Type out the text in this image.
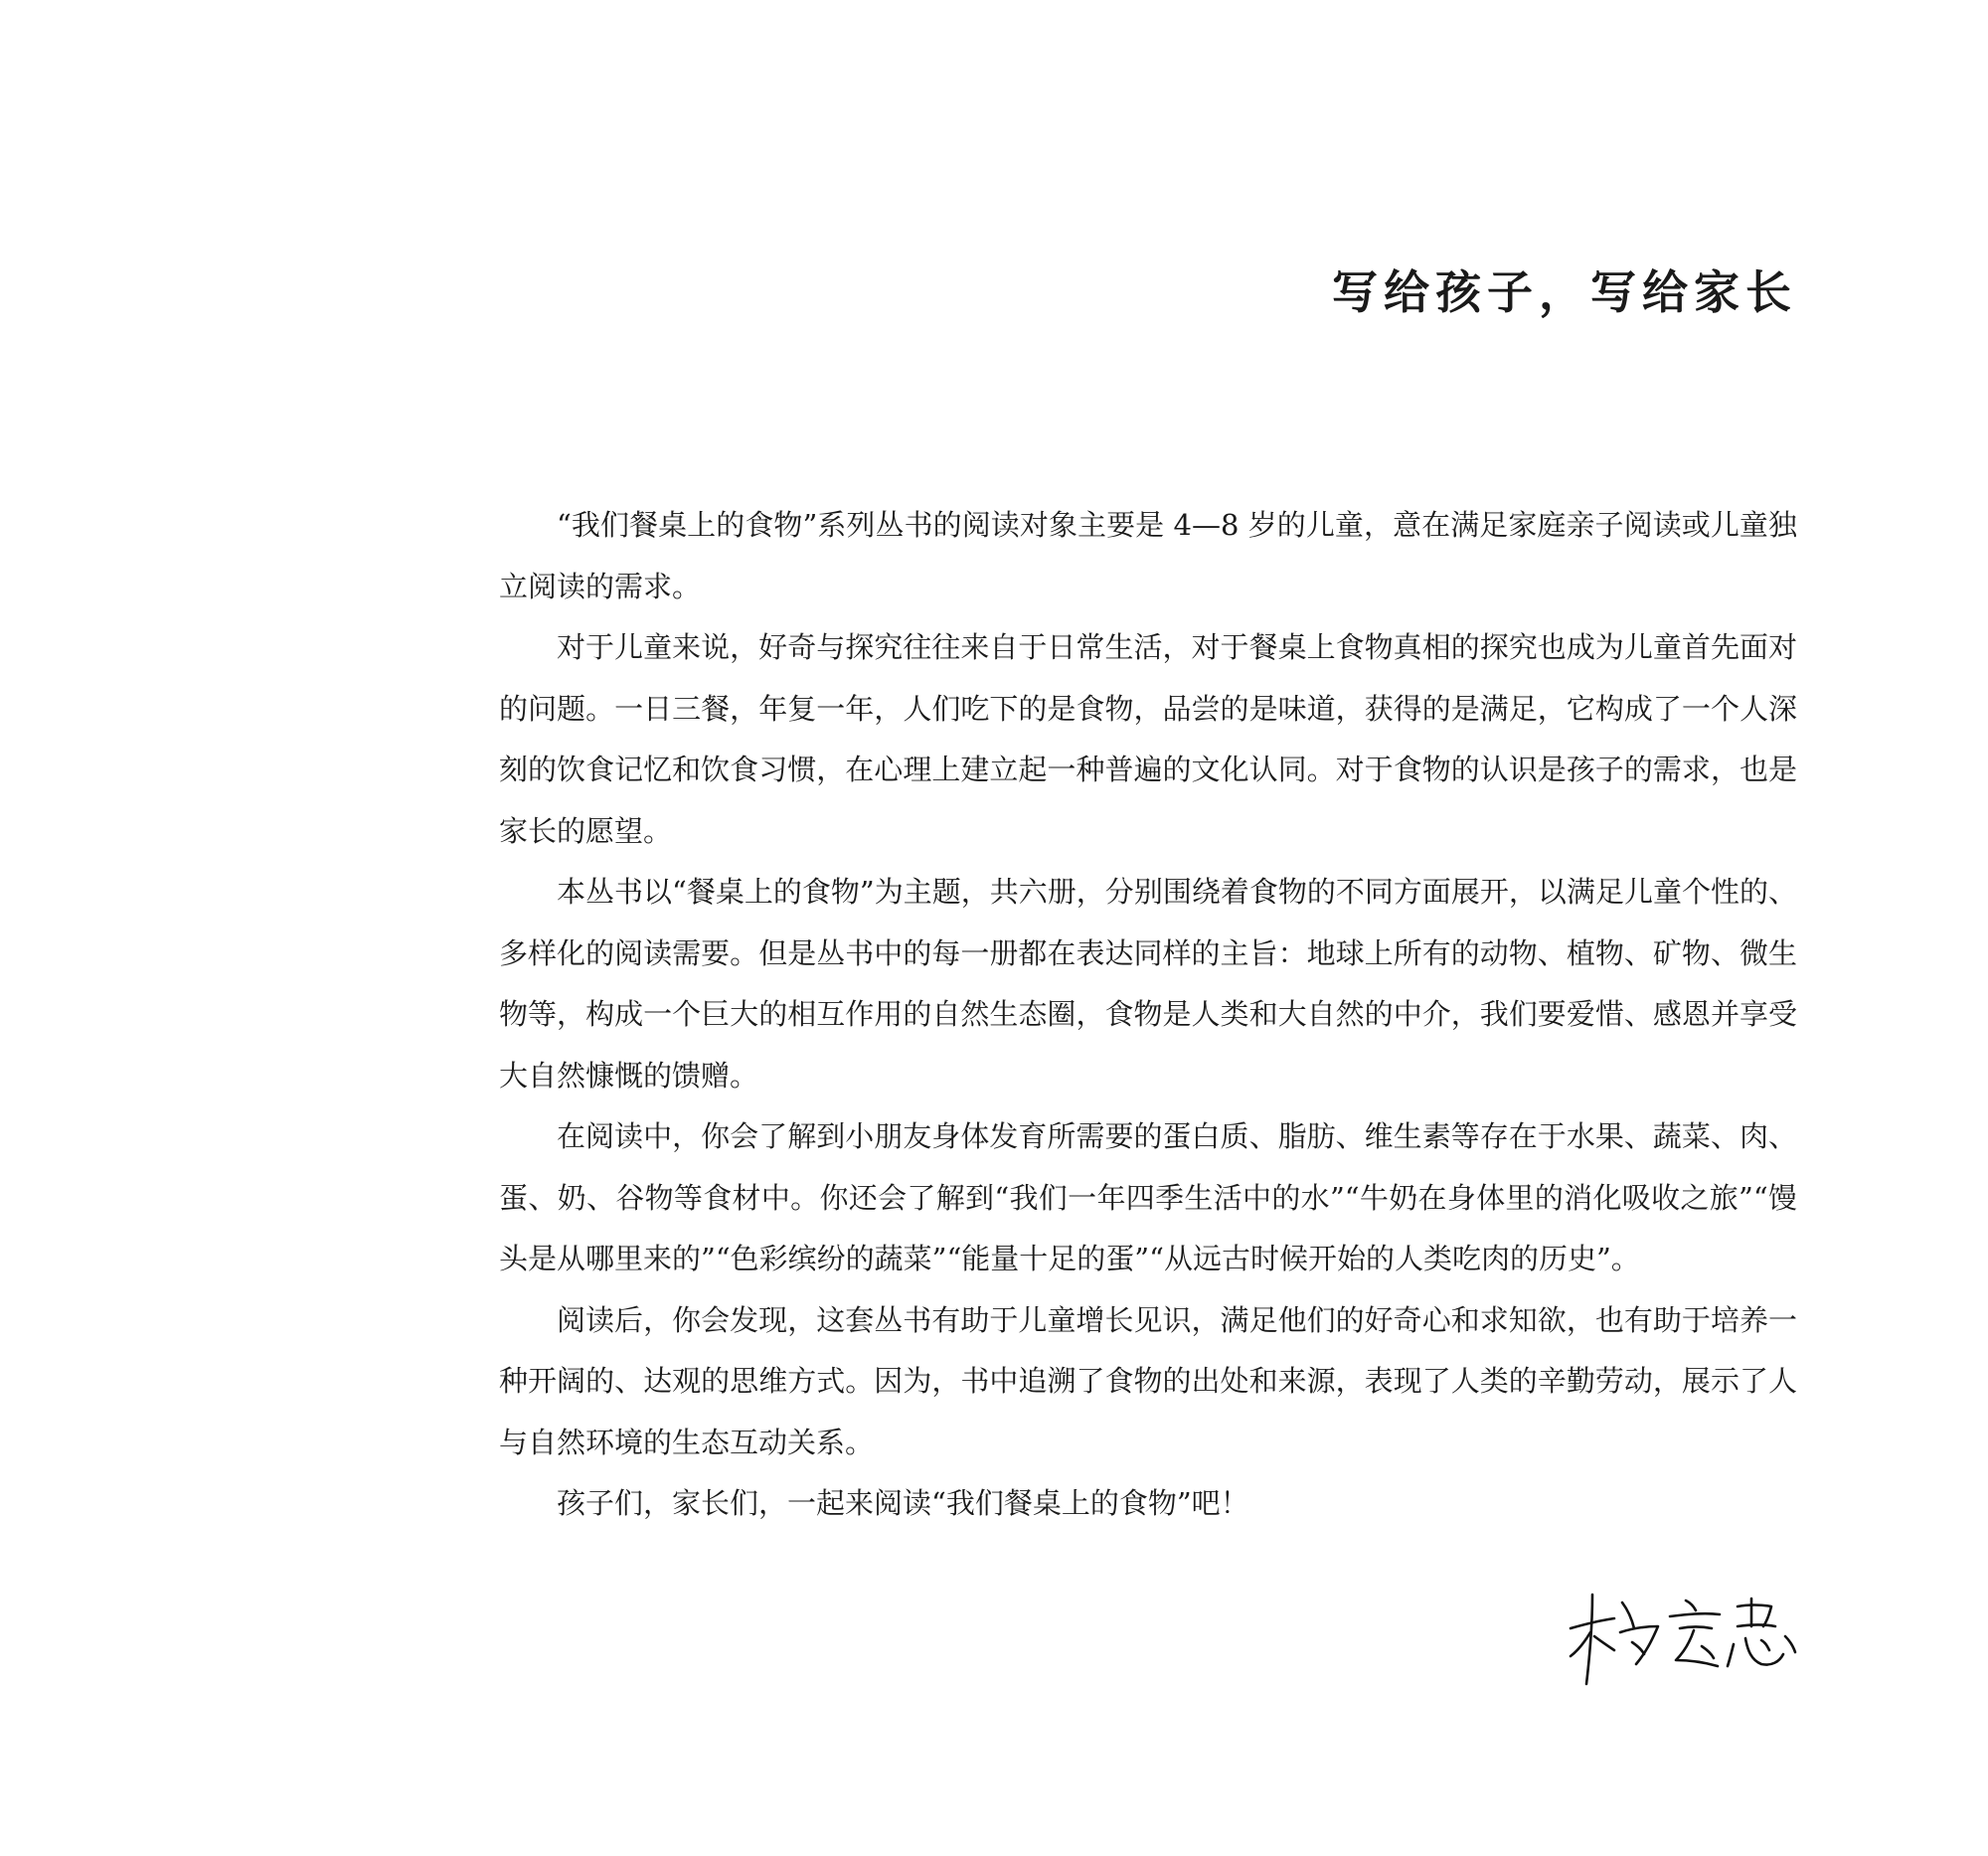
写给孩子，写给家长

“我们餐桌上的食物”系列丛书的阅读对象主要是 4—8 岁的儿童，意在满足家庭亲子阅读或儿童独立阅读的需求。

对于儿童来说，好奇与探究往往来自于日常生活，对于餐桌上食物真相的探究也成为儿童首先面对的问题。一日三餐，年复一年，人们吃下的是食物，品尝的是味道，获得的是满足，它构成了一个人深刻的饮食记忆和饮食习惯，在心理上建立起一种普遍的文化认同。对于食物的认识是孩子的需求，也是家长的愿望。

本丛书以“餐桌上的食物”为主题，共六册，分别围绕着食物的不同方面展开，以满足儿童个性的、多样化的阅读需要。但是丛书中的每一册都在表达同样的主旨：地球上所有的动物、植物、矿物、微生物等，构成一个巨大的相互作用的自然生态圈，食物是人类和大自然的中介，我们要爱惜、感恩并享受大自然慷慨的馈赠。

在阅读中，你会了解到小朋友身体发育所需要的蛋白质、脂肪、维生素等存在于水果、蔬菜、肉、蛋、奶、谷物等食材中。你还会了解到“我们一年四季生活中的水”“牛奶在身体里的消化吸收之旅”“馒头是从哪里来的”“色彩缤纷的蔬菜”“能量十足的蛋”“从远古时候开始的人类吃肉的历史”。

阅读后，你会发现，这套丛书有助于儿童增长见识，满足他们的好奇心和求知欲，也有助于培养一种开阔的、达观的思维方式。因为，书中追溯了食物的出处和来源，表现了人类的辛勤劳动，展示了人与自然环境的生态互动关系。

孩子们，家长们，一起来阅读“我们餐桌上的食物”吧！
